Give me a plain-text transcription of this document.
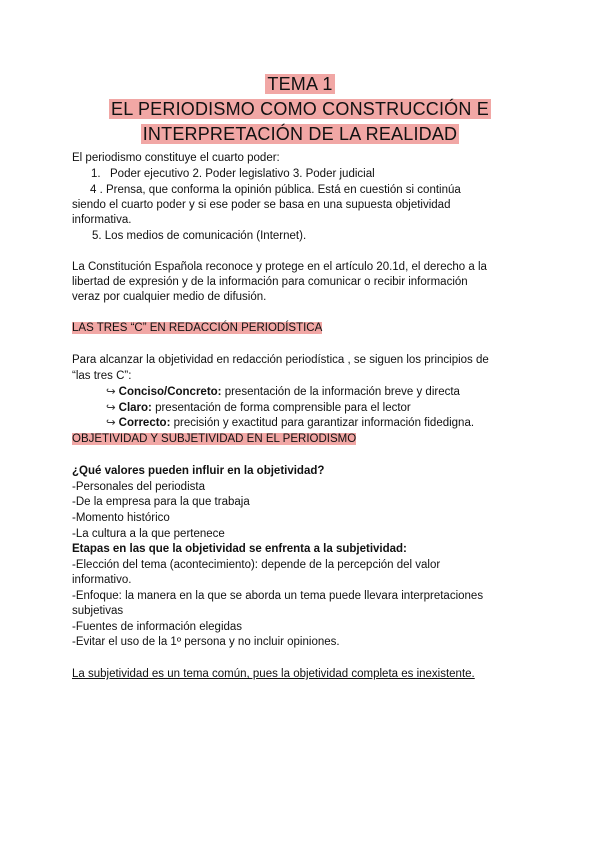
TEMA 1
EL PERIODISMO COMO CONSTRUCCIÓN E
INTERPRETACIÓN DE LA REALIDAD
El periodismo constituye el cuarto poder:
1. Poder ejecutivo 2. Poder legislativo 3. Poder judicial
4 . Prensa, que conforma la opinión pública. Está en cuestión si continúa
siendo el cuarto poder y si ese poder se basa en una supuesta objetividad
informativa.
5. Los medios de comunicación (Internet).
La Constitución Española reconoce y protege en el artículo 20.1d, el derecho a la
libertad de expresión y de la información para comunicar o recibir información
veraz por cualquier medio de difusión.
LAS TRES “C” EN REDACCIÓN PERIODÍSTICA
Para alcanzar la objetividad en redacción periodística , se siguen los principios de
“las tres C”:
↪ Conciso/Concreto: presentación de la información breve y directa
↪ Claro: presentación de forma comprensible para el lector
↪ Correcto: precisión y exactitud para garantizar información fidedigna.
OBJETIVIDAD Y SUBJETIVIDAD EN EL PERIODISMO
¿Qué valores pueden influir en la objetividad?
-Personales del periodista
-De la empresa para la que trabaja
-Momento histórico
-La cultura a la que pertenece
Etapas en las que la objetividad se enfrenta a la subjetividad:
-Elección del tema (acontecimiento): depende de la percepción del valor
informativo.
-Enfoque: la manera en la que se aborda un tema puede llevara interpretaciones
subjetivas
-Fuentes de información elegidas
-Evitar el uso de la 1º persona y no incluir opiniones.
La subjetividad es un tema común, pues la objetividad completa es inexistente.
